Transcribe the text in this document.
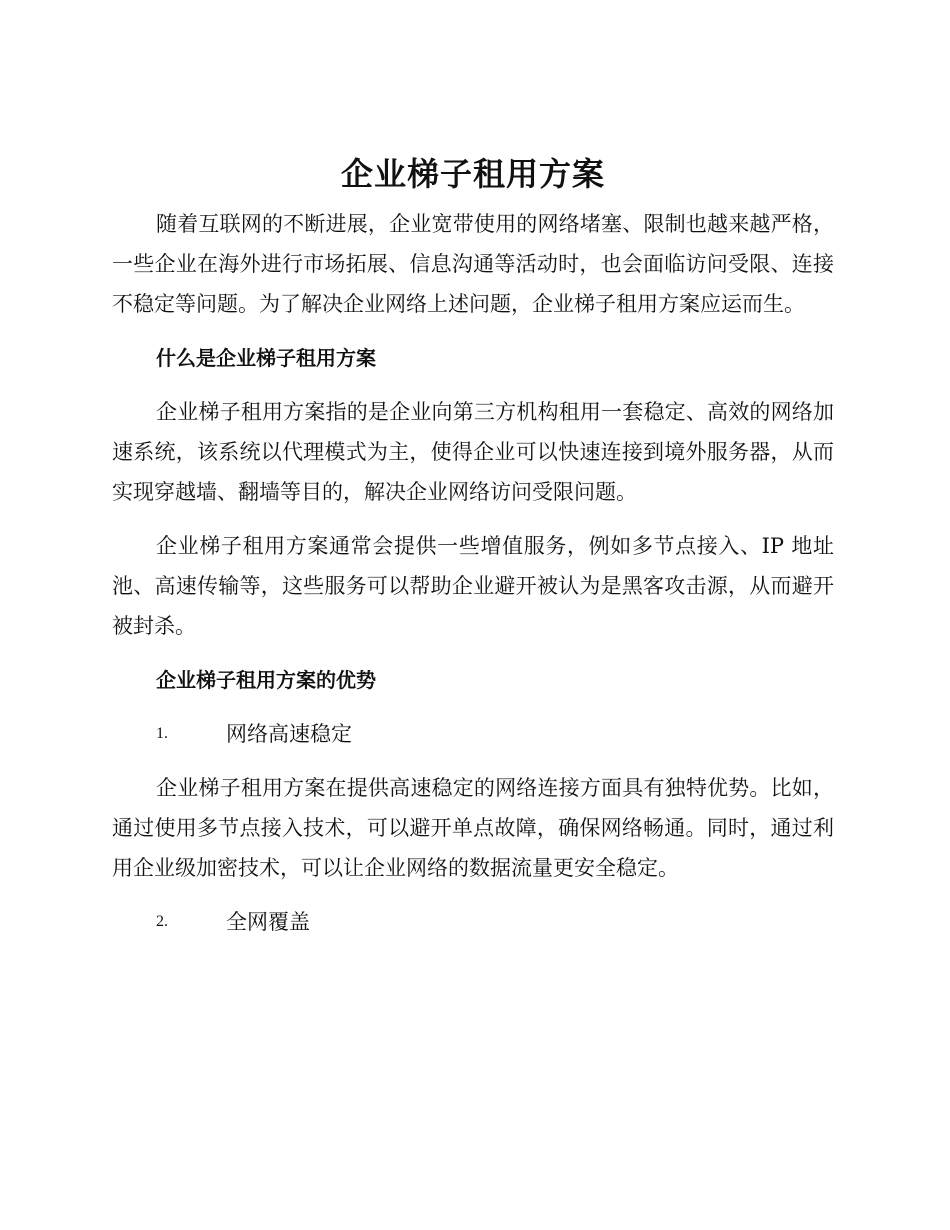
企业梯子租用方案

随着互联网的不断进展，企业宽带使用的网络堵塞、限制也越来越严格，一些企业在海外进行市场拓展、信息沟通等活动时，也会面临访问受限、连接不稳定等问题。为了解决企业网络上述问题，企业梯子租用方案应运而生。

什么是企业梯子租用方案

企业梯子租用方案指的是企业向第三方机构租用一套稳定、高效的网络加速系统，该系统以代理模式为主，使得企业可以快速连接到境外服务器，从而实现穿越墙、翻墙等目的，解决企业网络访问受限问题。

企业梯子租用方案通常会提供一些增值服务，例如多节点接入、IP 地址池、高速传输等，这些服务可以帮助企业避开被认为是黑客攻击源，从而避开被封杀。

企业梯子租用方案的优势
1.	网络高速稳定

企业梯子租用方案在提供高速稳定的网络连接方面具有独特优势。比如，通过使用多节点接入技术，可以避开单点故障，确保网络畅通。同时，通过利用企业级加密技术，可以让企业网络的数据流量更安全稳定。

2.	全网覆盖
